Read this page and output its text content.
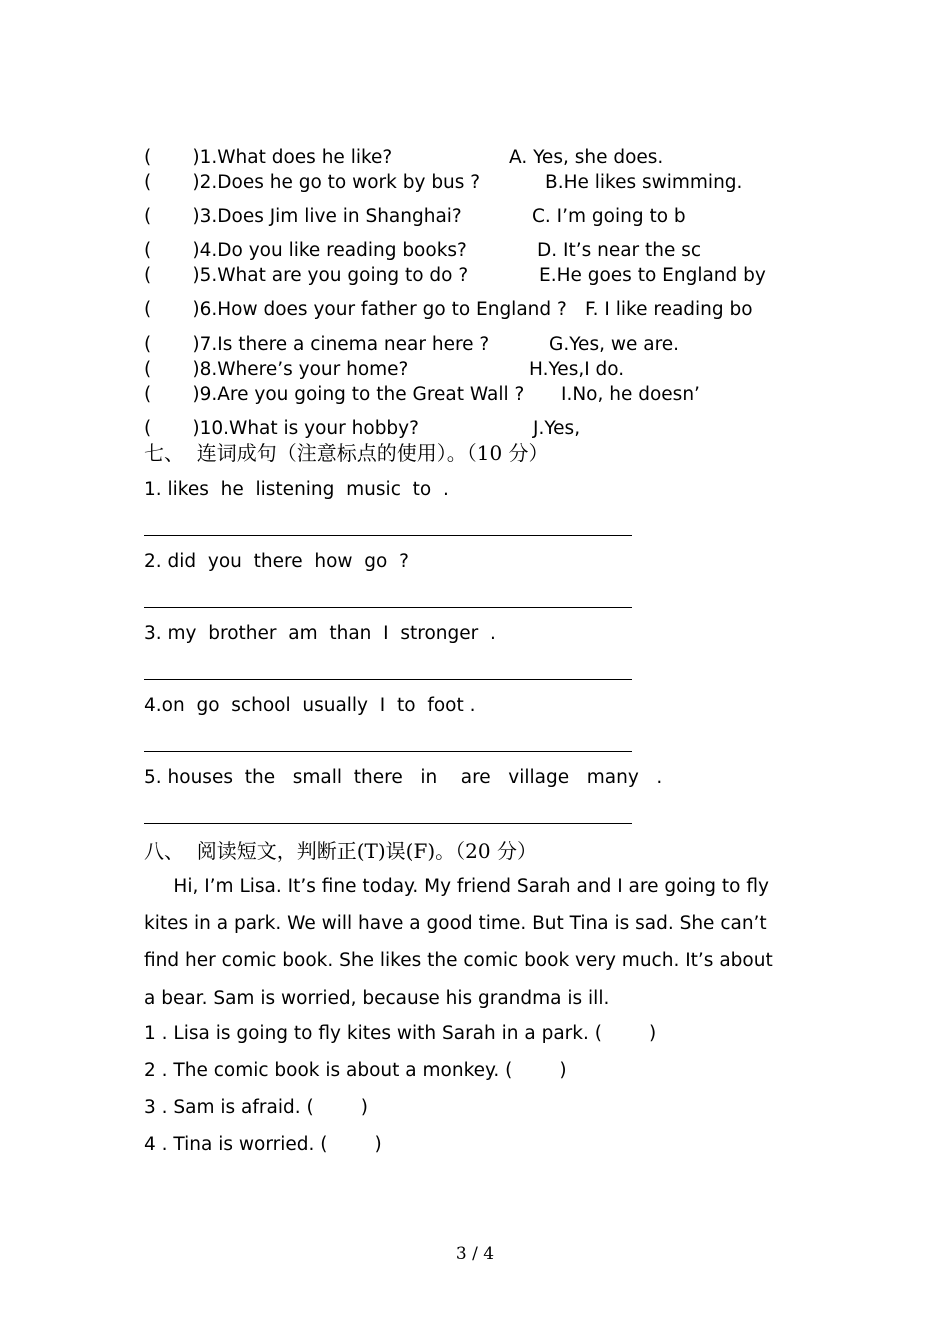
(       )1.What does he like?	A. Yes, she does.
(       )2.Does he go to work by bus ?	B.He likes swimming.
(       )3.Does Jim live in Shanghai?	C. I’m going to b
(       )4.Do you like reading books?	D. It’s near the sc
(       )5.What are you going to do ?	E.He goes to England by
(       )6.How does your father go to England ? F. I like reading bo
(       )7.Is there a cinema near here ?	G.Yes, we are.
(       )8.Where’s your home?	H.Yes,I do.
(       )9.Are you going to the Great Wall ? I.No, he doesn’
(       )10.What is your hobby?	J.Yes,
七、  连词成句（注意标点的使用）。（10 分）
1. likes  he  listening  music  to  .
2. did  you  there  how  go  ?
3. my  brother  am  than  I  stronger  .
4.on  go  school  usually  I  to  foot .
5. houses  the   small  there   in    are   village   many   .
八、  阅读短文，判断正(T)误(F)。（20 分）
Hi, I’m Lisa. It’s fine today. My friend Sarah and I are going to fly
kites in a park. We will have a good time. But Tina is sad. She can’t
find her comic book. She likes the comic book very much. It’s about
a bear. Sam is worried, because his grandma is ill.
1 . Lisa is going to fly kites with Sarah in a park. (        )
2 . The comic book is about a monkey. (        )
3 . Sam is afraid. (        )
4 . Tina is worried. (        )
3 / 4
